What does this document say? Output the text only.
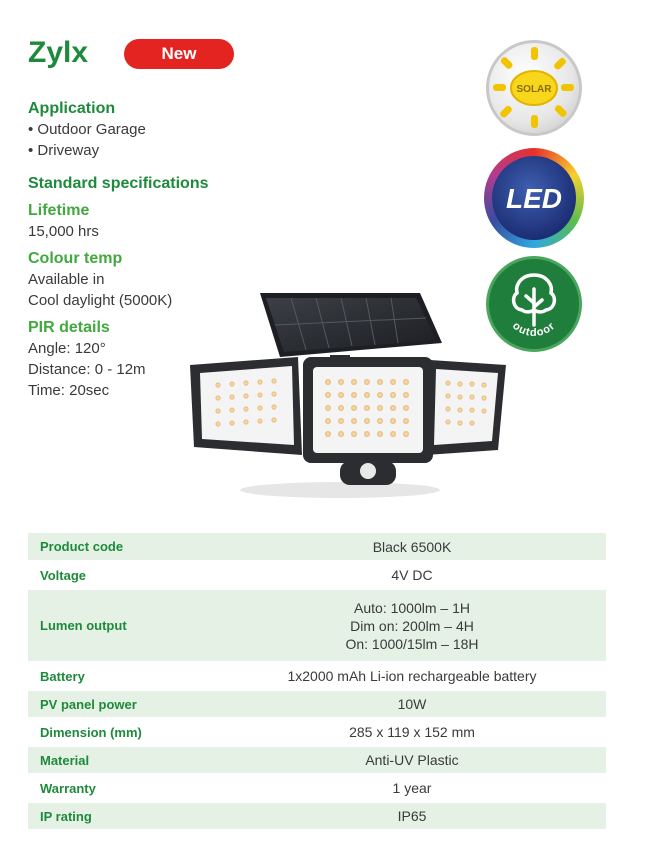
Zylx	New
Application
• Outdoor Garage
• Driveway
Standard specifications
Lifetime
15,000 hrs
Colour temp
Available in
Cool daylight (5000K)
PIR details
Angle: 120°
Distance: 0 - 12m
Time: 20sec
SOLAR
LED
outdoor
Product code	Black 6500K
Voltage	4V DC
Lumen output	Auto: 1000lm – 1H
Dim on: 200lm – 4H
On: 1000/15lm – 18H

Battery	1x2000 mAh Li-ion rechargeable battery
PV panel power	10W
Dimension (mm)	285 x 119 x 152 mm
Material	Anti-UV Plastic
Warranty	1 year
IP rating	IP65
